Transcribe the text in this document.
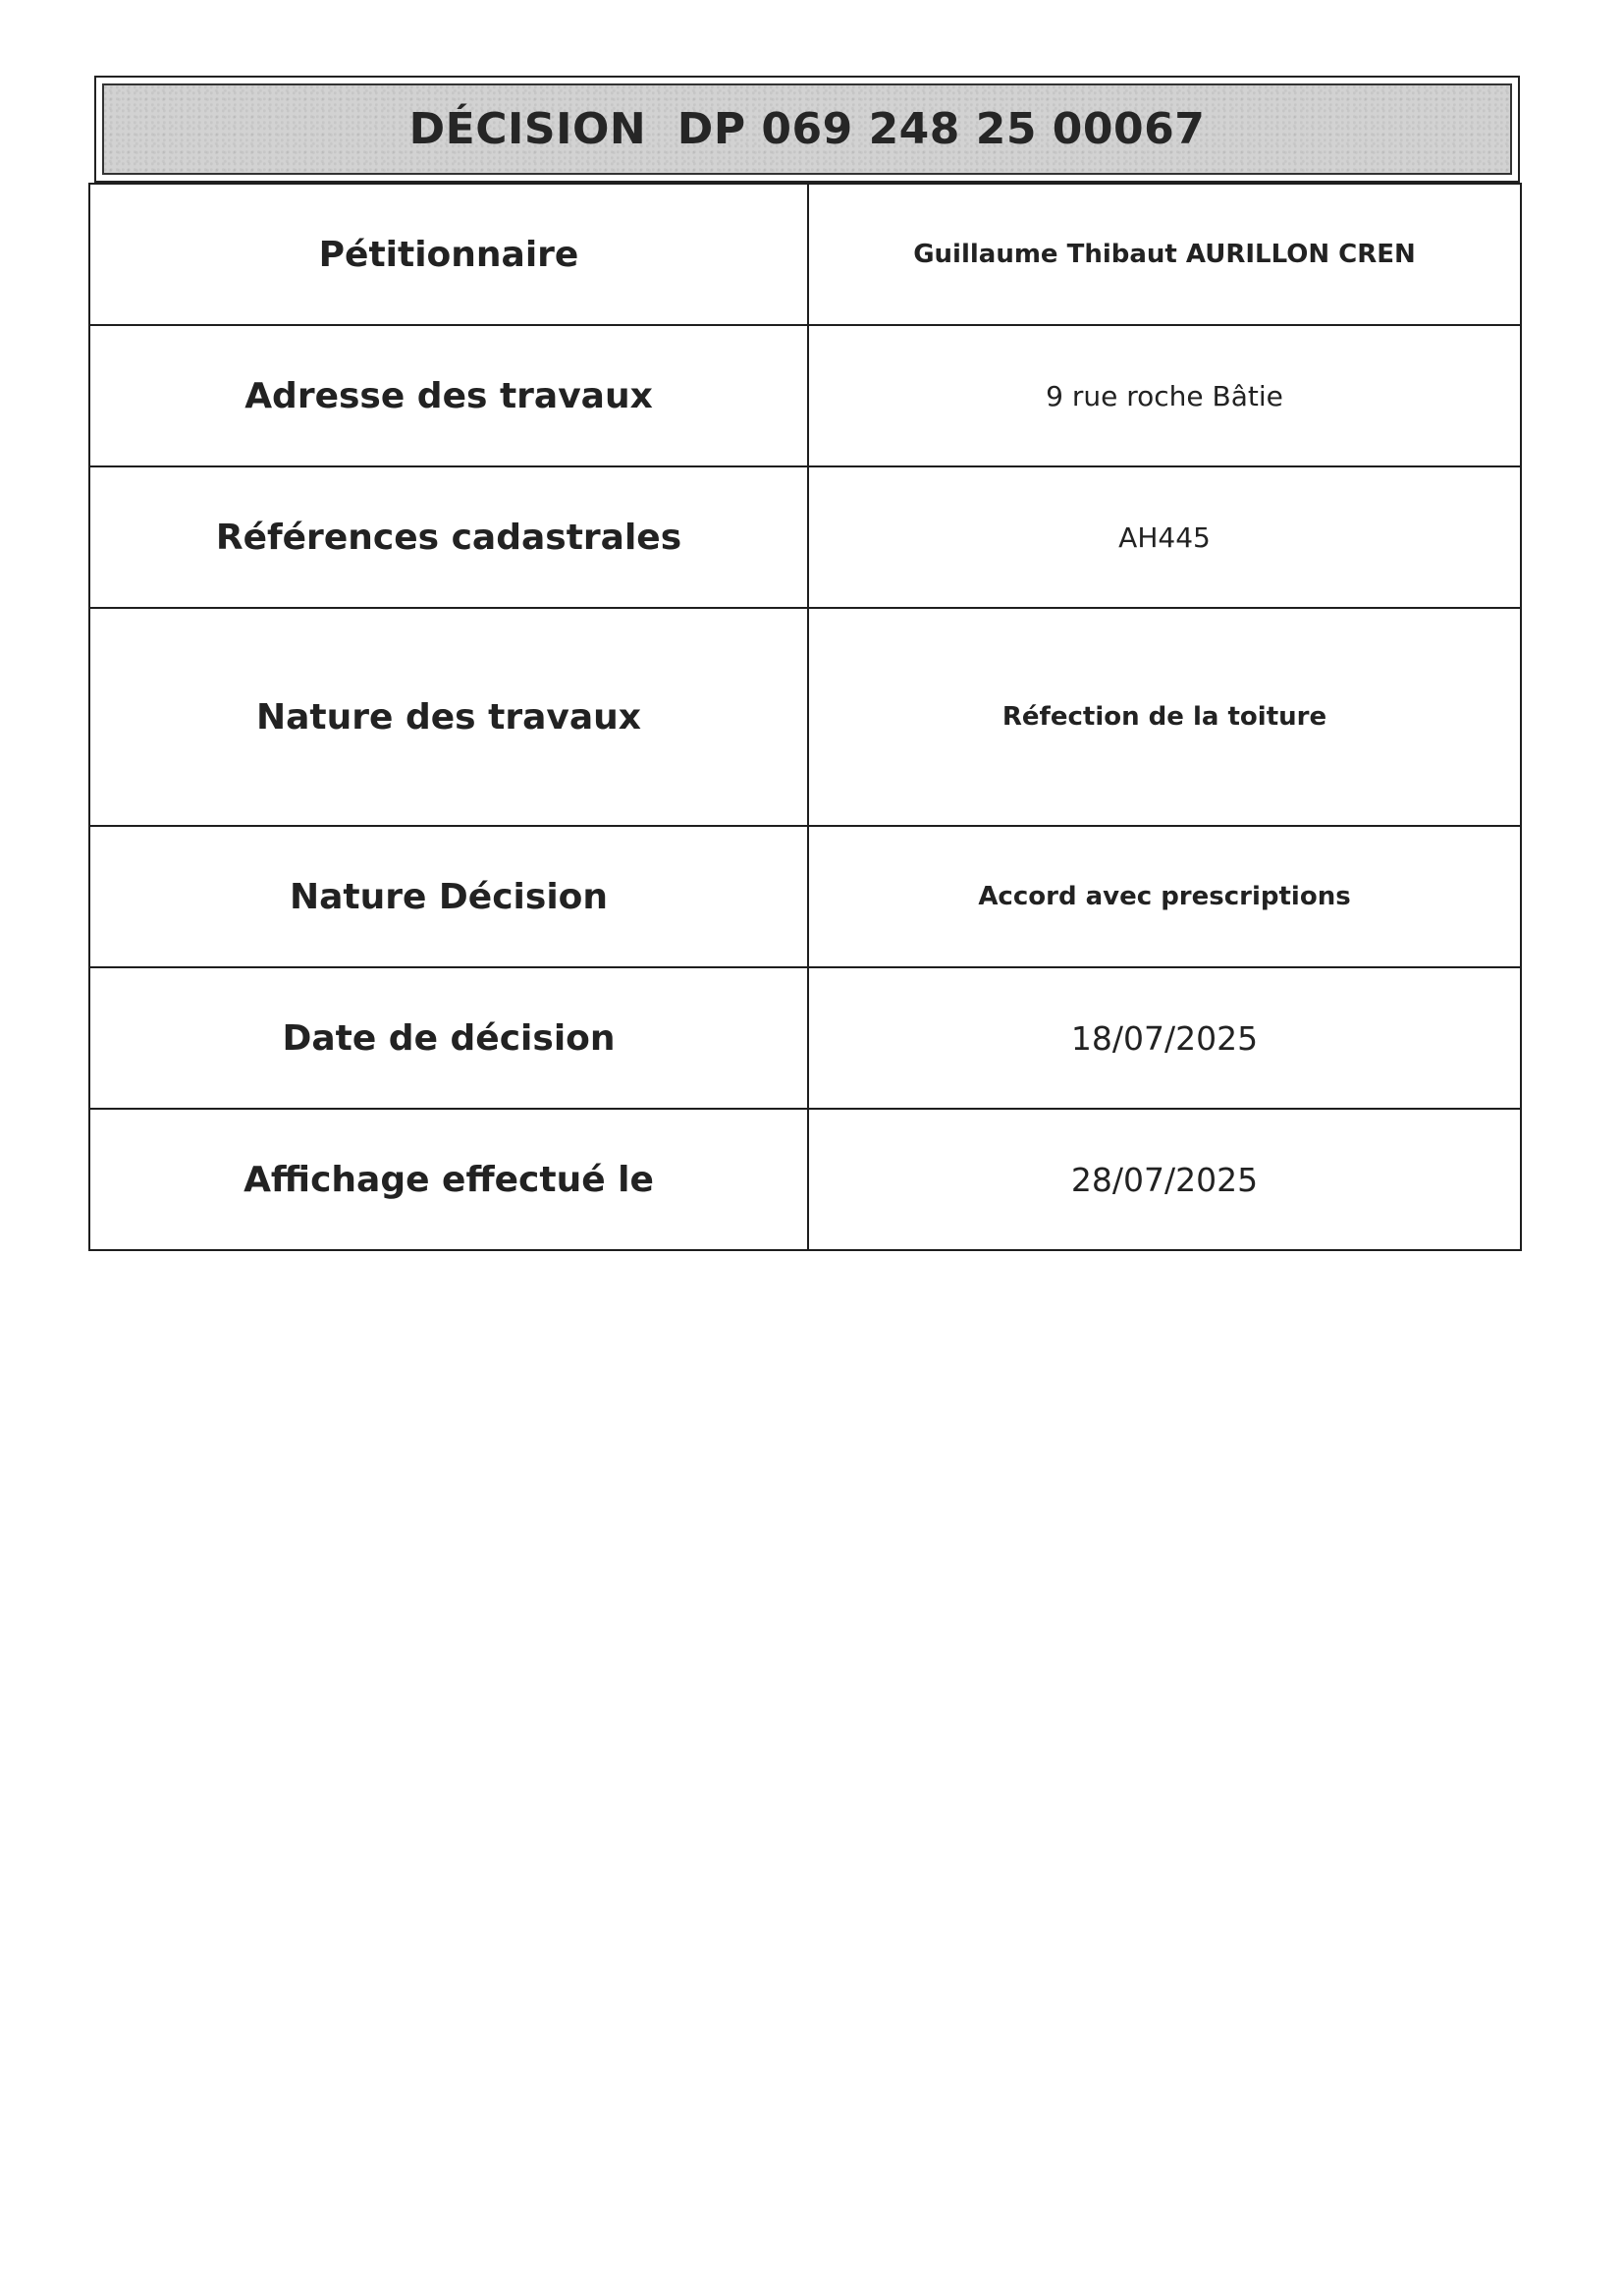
DÉCISION  DP 069 248 25 00067
Pétitionnaire	Guillaume Thibaut AURILLON CREN
Adresse des travaux	9 rue roche Bâtie
Références cadastrales	AH445
Nature des travaux	Réfection de la toiture
Nature Décision	Accord avec prescriptions
Date de décision	18/07/2025
Affichage effectué le	28/07/2025
